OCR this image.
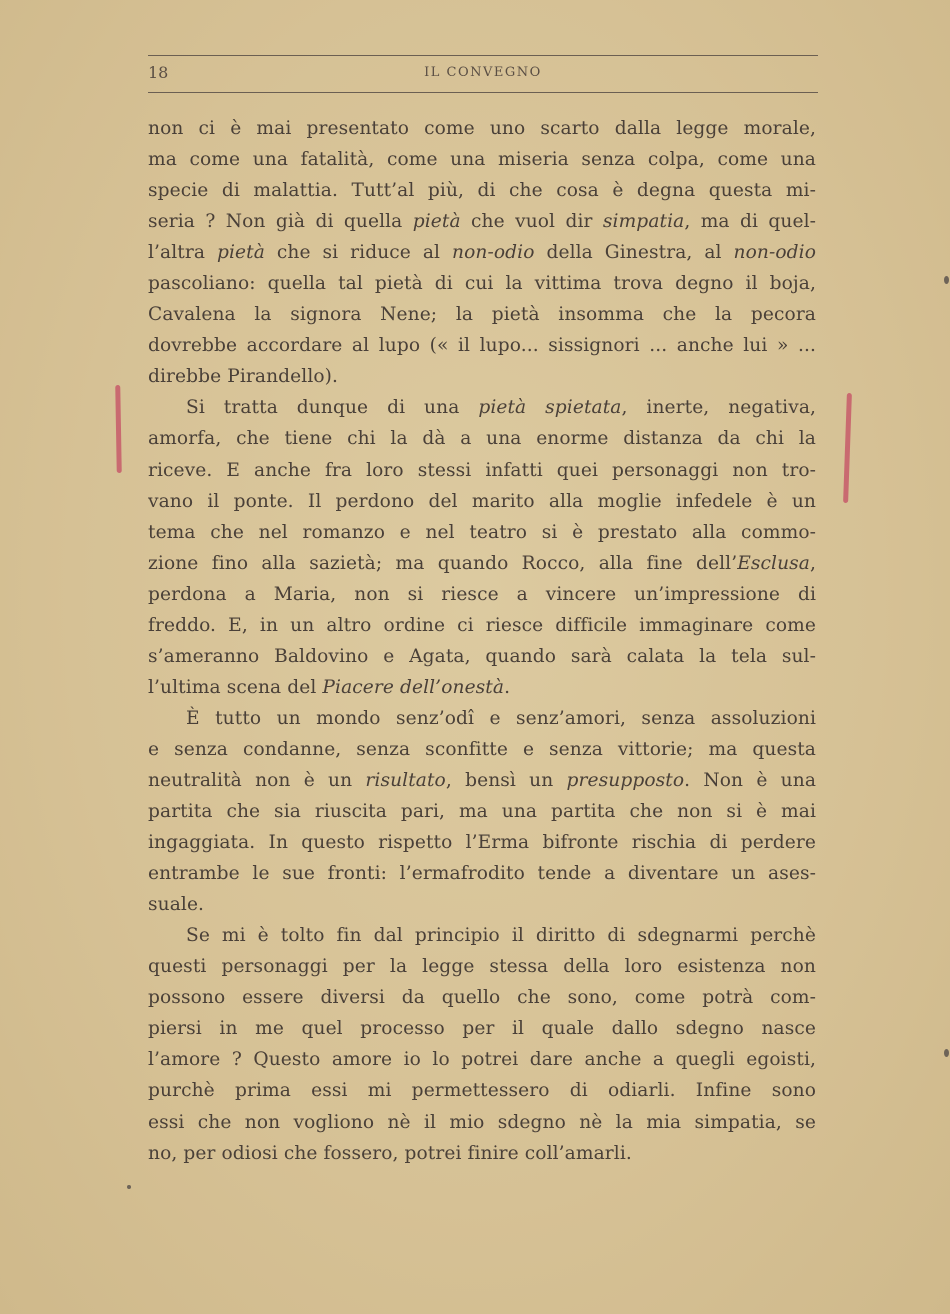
18	IL CONVEGNO
non ci è mai presentato come uno scarto dalla legge morale,
ma come una fatalità, come una miseria senza colpa, come una
specie di malattia. Tutt’al più, di che cosa è degna questa mi-
seria ? Non già di quella pietà che vuol dir simpatia, ma di quel-
l’altra pietà che si riduce al non-odio della Ginestra, al non-odio
pascoliano: quella tal pietà di cui la vittima trova degno il boja,
Cavalena la signora Nene; la pietà insomma che la pecora
dovrebbe accordare al lupo (« il lupo... sissignori ... anche lui » ...
direbbe Pirandello).
Si tratta dunque di una pietà spietata, inerte, negativa,
amorfa, che tiene chi la dà a una enorme distanza da chi la
riceve. E anche fra loro stessi infatti quei personaggi non tro-
vano il ponte. Il perdono del marito alla moglie infedele è un
tema che nel romanzo e nel teatro si è prestato alla commo-
zione fino alla sazietà; ma quando Rocco, alla fine dell’Esclusa,
perdona a Maria, non si riesce a vincere un’impressione di
freddo. E, in un altro ordine ci riesce difficile immaginare come
s’ameranno Baldovino e Agata, quando sarà calata la tela sul-
l’ultima scena del Piacere dell’onestà.
È tutto un mondo senz’odî e senz’amori, senza assoluzioni
e senza condanne, senza sconfitte e senza vittorie; ma questa
neutralità non è un risultato, bensì un presupposto. Non è una
partita che sia riuscita pari, ma una partita che non si è mai
ingaggiata. In questo rispetto l’Erma bifronte rischia di perdere
entrambe le sue fronti: l’ermafrodito tende a diventare un ases-
suale.
Se mi è tolto fin dal principio il diritto di sdegnarmi perchè
questi personaggi per la legge stessa della loro esistenza non
possono essere diversi da quello che sono, come potrà com-
piersi in me quel processo per il quale dallo sdegno nasce
l’amore ? Questo amore io lo potrei dare anche a quegli egoisti,
purchè prima essi mi permettessero di odiarli. Infine sono
essi che non vogliono nè il mio sdegno nè la mia simpatia, se
no, per odiosi che fossero, potrei finire coll’amarli.
